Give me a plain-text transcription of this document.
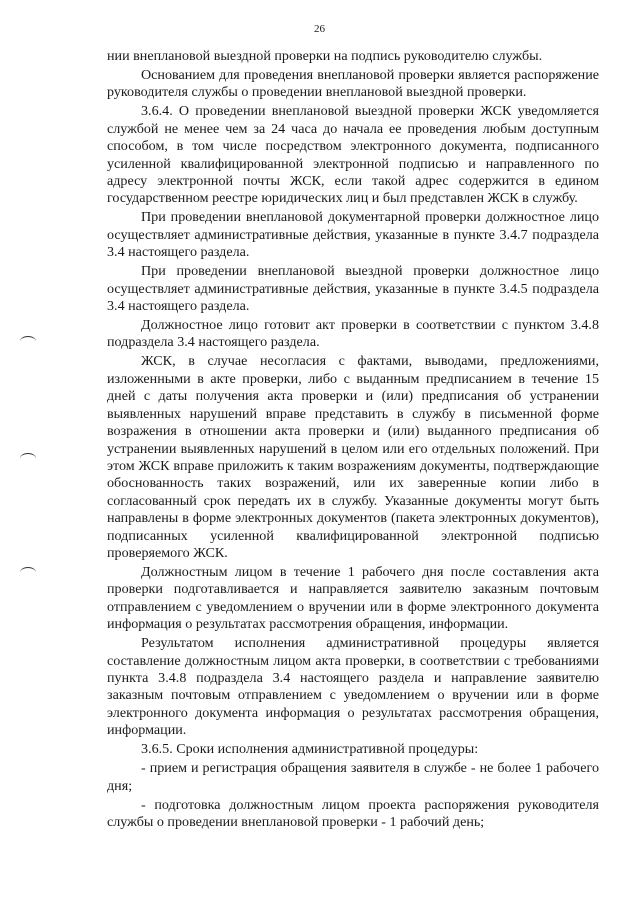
26

нии внеплановой выездной проверки на подпись руководителю службы.

Основанием для проведения внеплановой проверки является распоряжение руководителя службы о проведении внеплановой выездной проверки.

3.6.4. О проведении внеплановой выездной проверки ЖСК уведомляется службой не менее чем за 24 часа до начала ее проведения любым доступным способом, в том числе посредством электронного документа, подписанного усиленной квалифицированной электронной подписью и направленного по адресу электронной почты ЖСК, если такой адрес содержится в едином государственном реестре юридических лиц и был представлен ЖСК в службу.

При проведении внеплановой документарной проверки должностное лицо осуществляет административные действия, указанные в пункте 3.4.7 подраздела 3.4 настоящего раздела.

При проведении внеплановой выездной проверки должностное лицо осуществляет административные действия, указанные в пункте 3.4.5 подраздела 3.4 настоящего раздела.

Должностное лицо готовит акт проверки в соответствии с пунктом 3.4.8 подраздела 3.4 настоящего раздела.

ЖСК, в случае несогласия с фактами, выводами, предложениями, изложенными в акте проверки, либо с выданным предписанием в течение 15 дней с даты получения акта проверки и (или) предписания об устранении выявленных нарушений вправе представить в службу в письменной форме возражения в отношении акта проверки и (или) выданного предписания об устранении выявленных нарушений в целом или его отдельных положений. При этом ЖСК вправе приложить к таким возражениям документы, подтверждающие обоснованность таких возражений, или их заверенные копии либо в согласованный срок передать их в службу. Указанные документы могут быть направлены в форме электронных документов (пакета электронных документов), подписанных усиленной квалифицированной электронной подписью проверяемого ЖСК.

Должностным лицом в течение 1 рабочего дня после составления акта проверки подготавливается и направляется заявителю заказным почтовым отправлением с уведомлением о вручении или в форме электронного документа информация о результатах рассмотрения обращения, информации.

Результатом исполнения административной процедуры является составление должностным лицом акта проверки, в соответствии с требованиями пункта 3.4.8 подраздела 3.4 настоящего раздела и направление заявителю заказным почтовым отправлением с уведомлением о вручении или в форме электронного документа информация о результатах рассмотрения обращения, информации.

3.6.5. Сроки исполнения административной процедуры:

- прием и регистрация обращения заявителя в службе - не более 1 рабочего дня;

- подготовка должностным лицом проекта распоряжения руководителя службы о проведении внеплановой проверки - 1 рабочий день;
